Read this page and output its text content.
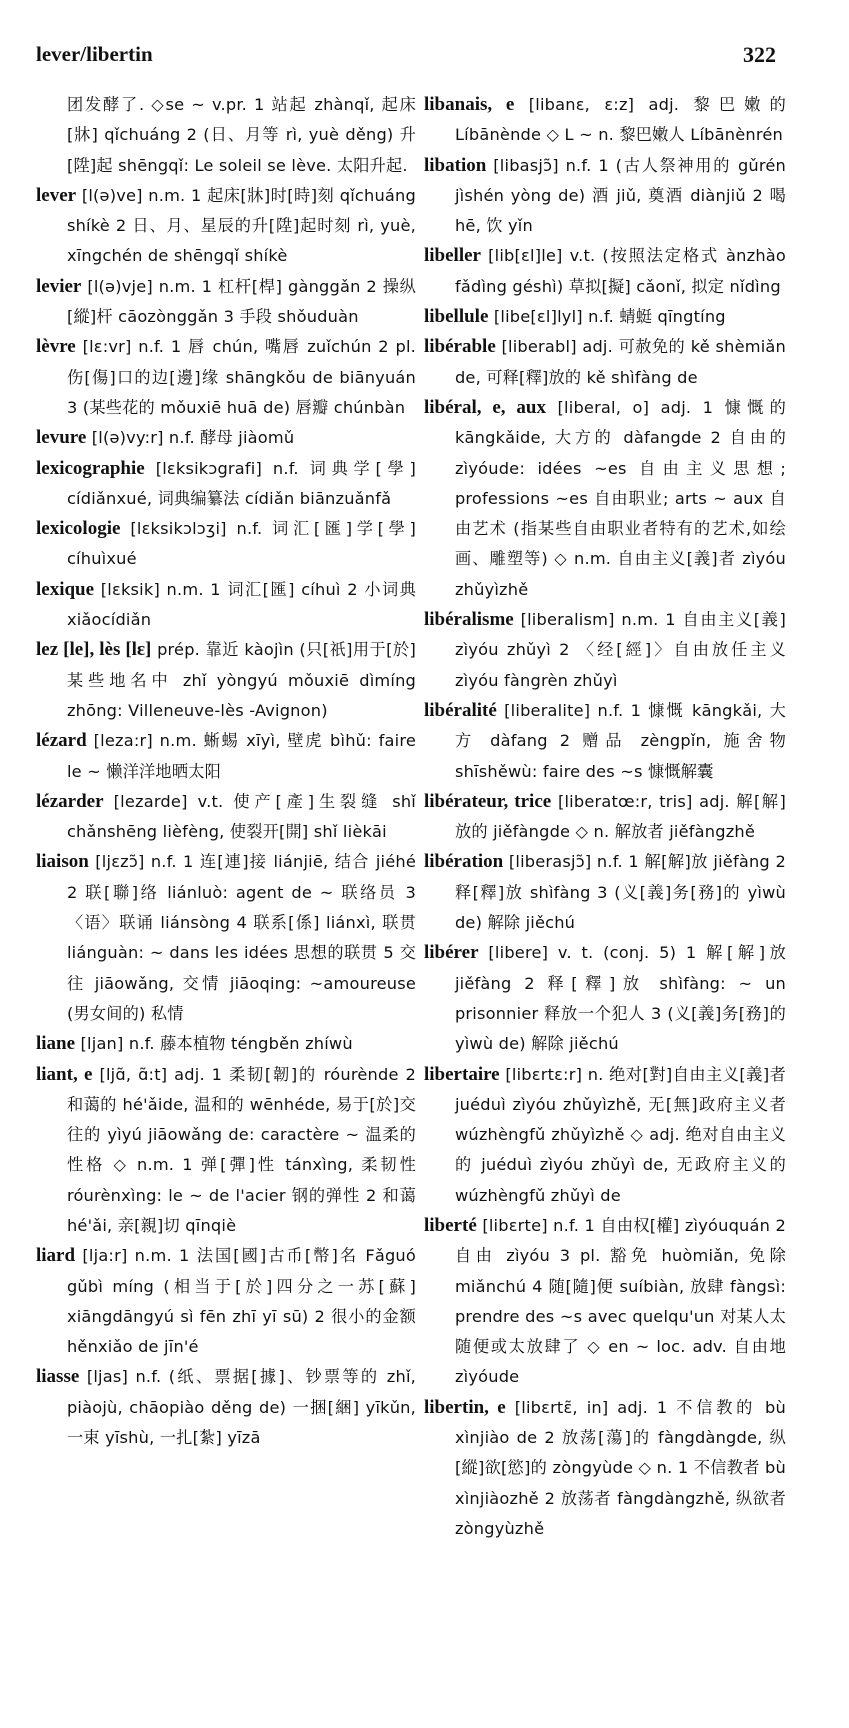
lever/libertin	322

团发酵了. ◇se ~ v.pr. 1 站起 zhànqǐ, 起床[牀] qǐchuáng 2 (日、月等 rì, yuè děng) 升[陞]起 shēngqǐ: Le soleil se lève. 太阳升起.

lever [l(ə)ve] n.m. 1 起床[牀]时[時]刻 qǐchuáng shíkè 2 日、月、星辰的升[陞]起时刻 rì, yuè, xīngchén de shēngqǐ shíkè

levier [l(ə)vje] n.m. 1 杠杆[桿] gànggǎn 2 操纵[縱]杆 cāozònggǎn 3 手段 shǒuduàn

lèvre [lɛ:vr] n.f. 1 唇 chún, 嘴唇 zuǐchún 2 pl. 伤[傷]口的边[邊]缘 shāngkǒu de biānyuán 3 (某些花的 mǒuxiē huā de) 唇瓣 chúnbàn

levure [l(ə)vy:r] n.f. 酵母 jiàomǔ

lexicographie [lɛksikɔgrafi] n.f. 词典学[學] cídiǎnxué, 词典编纂法 cídiǎn biānzuǎnfǎ

lexicologie [lɛksikɔlɔʒi] n.f. 词汇[匯]学[學] cíhuìxué

lexique [lɛksik] n.m. 1 词汇[匯] cíhuì 2 小词典 xiǎocídiǎn

lez [le], lès [lɛ] prép. 靠近 kàojìn (只[祇]用于[於]某些地名中 zhǐ yòngyú mǒuxiē dìmíng zhōng: Villeneuve-lès -Avignon)

lézard [leza:r] n.m. 蜥蜴 xīyì, 壁虎 bìhǔ: faire le ~ 懒洋洋地晒太阳

lézarder [lezarde] v.t. 使产[產]生裂缝 shǐ chǎnshēng lièfèng, 使裂开[開] shǐ lièkāi

liaison [ljɛzɔ̃] n.f. 1 连[連]接 liánjiē, 结合 jiéhé 2 联[聯]络 liánluò: agent de ~ 联络员 3 〈语〉联诵 liánsòng 4 联系[係] liánxì, 联贯 liánguàn: ~ dans les idées 思想的联贯 5 交往 jiāowǎng, 交情 jiāoqing: ~amoureuse (男女间的) 私情

liane [ljan] n.f. 藤本植物 téngběn zhíwù

liant, e [ljɑ̃, ɑ̃:t] adj. 1 柔韧[韌]的 róurènde 2 和蔼的 hé'ǎide, 温和的 wēnhéde, 易于[於]交往的 yìyú jiāowǎng de: caractère ~ 温柔的性格 ◇ n.m. 1 弹[彈]性 tánxìng, 柔韧性 róurènxìng: le ~ de l'acier 钢的弹性 2 和蔼 hé'ǎi, 亲[親]切 qīnqiè

liard [lja:r] n.m. 1 法国[國]古币[幣]名 Fǎguó gǔbì míng (相当于[於]四分之一苏[蘇] xiāngdāngyú sì fēn zhī yī sū) 2 很小的金额 hěnxiǎo de jīn'é

liasse [ljas] n.f. (纸、票据[據]、钞票等的 zhǐ, piàojù, chāopiào děng de) 一捆[綑] yīkǔn, 一束 yīshù, 一扎[紮] yīzā

libanais, e [libanɛ, ɛ:z] adj. 黎巴嫩的 Líbānènde ◇ L ~ n. 黎巴嫩人 Líbānènrén

libation [libasjɔ̃] n.f. 1 (古人祭神用的 gǔrén jìshén yòng de) 酒 jiǔ, 奠酒 diànjiǔ 2 喝 hē, 饮 yǐn

libeller [lib[ɛl]le] v.t. (按照法定格式 ànzhào fǎdìng géshì) 草拟[擬] cǎonǐ, 拟定 nǐdìng

libellule [libe[ɛl]lyl] n.f. 蜻蜓 qīngtíng

libérable [liberabl] adj. 可赦免的 kě shèmiǎn de, 可释[釋]放的 kě shìfàng de

libéral, e, aux [liberal, o] adj. 1 慷慨的 kāngkǎide, 大方的 dàfangde 2 自由的 zìyóude: idées ~es 自由主义思想; professions ~es 自由职业; arts ~ aux 自由艺术 (指某些自由职业者特有的艺术,如绘画、雕塑等) ◇ n.m. 自由主义[義]者 zìyóu zhǔyìzhě

libéralisme [liberalism] n.m. 1 自由主义[義] zìyóu zhǔyì 2 〈经[經]〉自由放任主义 zìyóu fàngrèn zhǔyì

libéralité [liberalite] n.f. 1 慷慨 kāngkǎi, 大方 dàfang 2 赠品 zèngpǐn, 施舍物 shīshěwù: faire des ~s 慷慨解囊

libérateur, trice [liberatœ:r, tris] adj. 解[解]放的 jiěfàngde ◇ n. 解放者 jiěfàngzhě

libération [liberasjɔ̃] n.f. 1 解[解]放 jiěfàng 2 释[釋]放 shìfàng 3 (义[義]务[務]的 yìwù de) 解除 jiěchú

libérer [libere] v. t. (conj. 5) 1 解[解]放 jiěfàng 2 释[釋]放 shìfàng: ~ un prisonnier 释放一个犯人 3 (义[義]务[務]的 yìwù de) 解除 jiěchú

libertaire [libɛrtɛ:r] n. 绝对[對]自由主义[義]者 juéduì zìyóu zhǔyìzhě, 无[無]政府主义者 wúzhèngfǔ zhǔyìzhě ◇ adj. 绝对自由主义的 juéduì zìyóu zhǔyì de, 无政府主义的 wúzhèngfǔ zhǔyì de

liberté [libɛrte] n.f. 1 自由权[權] zìyóuquán 2 自由 zìyóu 3 pl. 豁免 huòmiǎn, 免除 miǎnchú 4 随[隨]便 suíbiàn, 放肆 fàngsì: prendre des ~s avec quelqu'un 对某人太随便或太放肆了 ◇ en ~ loc. adv. 自由地 zìyóude

libertin, e [libɛrtɛ̃, in] adj. 1 不信教的 bù xìnjiào de 2 放荡[蕩]的 fàngdàngde, 纵[縱]欲[慾]的 zòngyùde ◇ n. 1 不信教者 bù xìnjiàozhě 2 放荡者 fàngdàngzhě, 纵欲者 zòngyùzhě
